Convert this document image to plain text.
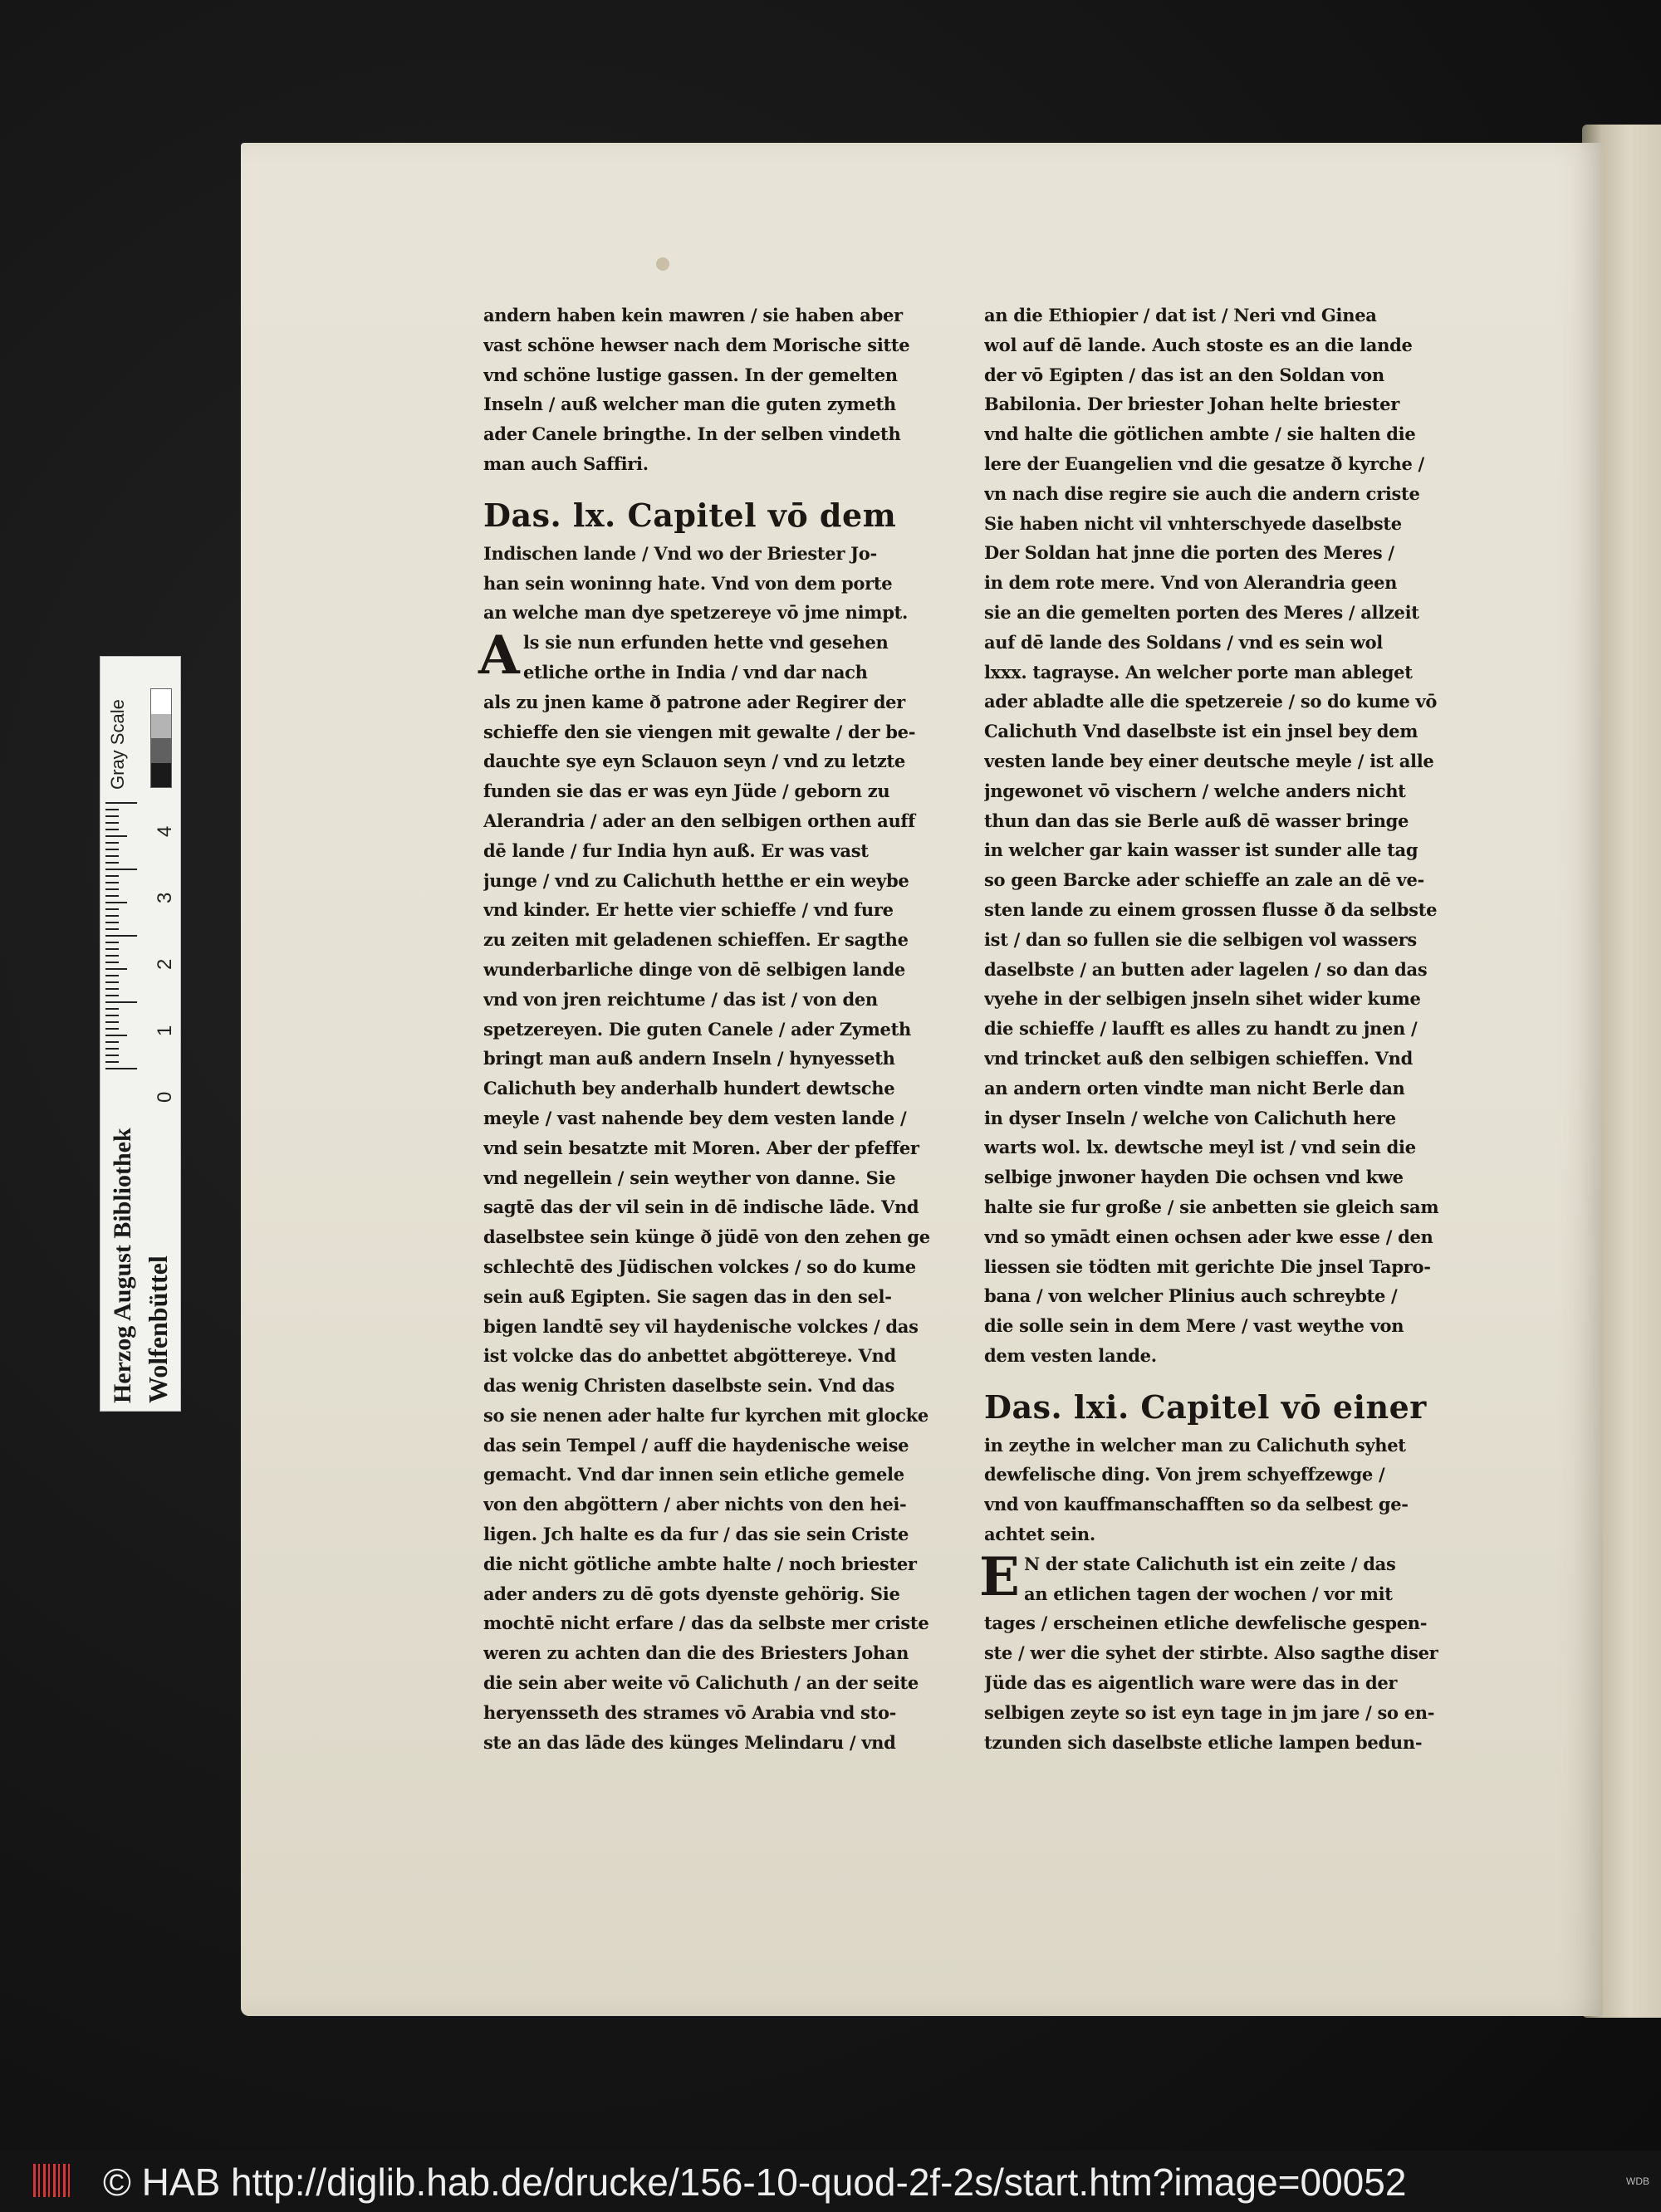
andern haben kein mawren / sie haben aber
vast schöne hewser nach dem Morische sitte
vnd schöne lustige gassen. In der gemelten
Inseln / auß welcher man die guten zymeth
ader Canele bringthe. In der selben vindeth
man auch Saffiri.
Das. lx. Capitel vō dem
Indischen lande / Vnd wo der Briester Jo-
han sein woninng hate. Vnd von dem porte
an welche man dye spetzereye vō jme nimpt.
A ls sie nun erfunden hette vnd gesehen
etliche orthe in India / vnd dar nach
als zu jnen kame ð patrone ader Regirer der
schieffe den sie viengen mit gewalte / der be-
dauchte sye eyn Sclauon seyn / vnd zu letzte
funden sie das er was eyn Jüde / geborn zu
Alerandria / ader an den selbigen orthen auff
dē lande / fur India hyn auß. Er was vast
junge / vnd zu Calichuth hetthe er ein weybe
vnd kinder. Er hette vier schieffe / vnd fure
zu zeiten mit geladenen schieffen. Er sagthe
wunderbarliche dinge von dē selbigen lande
vnd von jren reichtume / das ist / von den
spetzereyen. Die guten Canele / ader Zymeth
bringt man auß andern Inseln / hynyesseth
Calichuth bey anderhalb hundert dewtsche
meyle / vast nahende bey dem vesten lande /
vnd sein besatzte mit Moren. Aber der pfeffer
vnd negellein / sein weyther von danne. Sie
sagtē das der vil sein in dē indische lāde. Vnd
daselbstee sein künge ð jüdē von den zehen ge
schlechtē des Jüdischen volckes / so do kume
sein auß Egipten. Sie sagen das in den sel-
bigen landtē sey vil haydenische volckes / das
ist volcke das do anbettet abgöttereye. Vnd
das wenig Christen daselbste sein. Vnd das
so sie nenen ader halte fur kyrchen mit glocke
das sein Tempel / auff die haydenische weise
gemacht. Vnd dar innen sein etliche gemele
von den abgöttern / aber nichts von den hei-
ligen. Jch halte es da fur / das sie sein Criste
die nicht götliche ambte halte / noch briester
ader anders zu dē gots dyenste gehörig. Sie
mochtē nicht erfare / das da selbste mer criste
weren zu achten dan die des Briesters Johan
die sein aber weite vō Calichuth / an der seite
heryensseth des strames vō Arabia vnd sto-
ste an das lāde des künges Melindaru / vnd
an die Ethiopier / dat ist / Neri vnd Ginea
wol auf dē lande. Auch stoste es an die lande
der vō Egipten / das ist an den Soldan von
Babilonia. Der briester Johan helte briester
vnd halte die götlichen ambte / sie halten die
lere der Euangelien vnd die gesatze ð kyrche /
vn nach dise regire sie auch die andern criste
Sie haben nicht vil vnhterschyede daselbste
Der Soldan hat jnne die porten des Meres /
in dem rote mere. Vnd von Alerandria geen
sie an die gemelten porten des Meres / allzeit
auf dē lande des Soldans / vnd es sein wol
lxxx. tagrayse. An welcher porte man ableget
ader abladte alle die spetzereie / so do kume vō
Calichuth Vnd daselbste ist ein jnsel bey dem
vesten lande bey einer deutsche meyle / ist alle
jngewonet vō vischern / welche anders nicht
thun dan das sie Berle auß dē wasser bringe
in welcher gar kain wasser ist sunder alle tag
so geen Barcke ader schieffe an zale an dē ve-
sten lande zu einem grossen flusse ð da selbste
ist / dan so fullen sie die selbigen vol wassers
daselbste / an butten ader lagelen / so dan das
vyehe in der selbigen jnseln sihet wider kume
die schieffe / laufft es alles zu handt zu jnen /
vnd trincket auß den selbigen schieffen. Vnd
an andern orten vindte man nicht Berle dan
in dyser Inseln / welche von Calichuth here
warts wol. lx. dewtsche meyl ist / vnd sein die
selbige jnwoner hayden Die ochsen vnd kwe
halte sie fur große / sie anbetten sie gleich sam
vnd so ymādt einen ochsen ader kwe esse / den
liessen sie tödten mit gerichte Die jnsel Tapro-
bana / von welcher Plinius auch schreybte /
die solle sein in dem Mere / vast weythe von
dem vesten lande.
Das. lxi. Capitel vō einer
in zeythe in welcher man zu Calichuth syhet
dewfelische ding. Von jrem schyeffzewge /
vnd von kauffmanschafften so da selbest ge-
achtet sein.
E N der state Calichuth ist ein zeite / das
an etlichen tagen der wochen / vor mit
tages / erscheinen etliche dewfelische gespen-
ste / wer die syhet der stirbte. Also sagthe diser
Jüde das es aigentlich ware were das in der
selbigen zeyte so ist eyn tage in jm jare / so en-
tzunden sich daselbste etliche lampen bedun-
Gray Scale
4
3
2
1
0
Herzog August Bibliothek Wolfenbüttel
© HAB http://diglib.hab.de/drucke/156-10-quod-2f-2s/start.htm?image=00052	WDB
